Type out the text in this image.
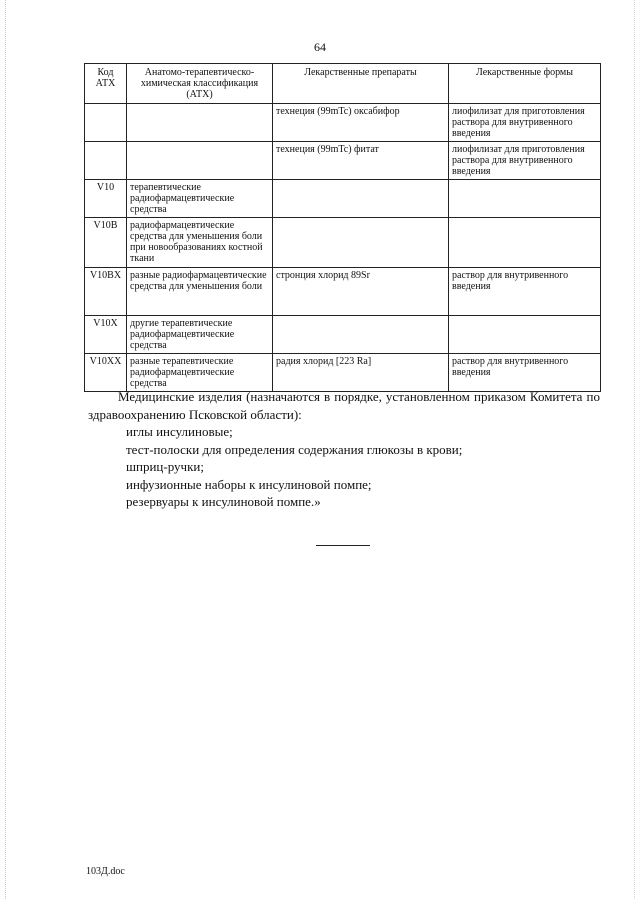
64
Код АТХ	Анатомо-терапевтическо-химическая классификация (АТХ)	Лекарственные препараты	Лекарственные формы
		технеция (99mTc) оксабифор	лиофилизат для приготовления раствора для внутривенного введения
		технеция (99mTc) фитат	лиофилизат для приготовления раствора для внутривенного введения
V10	терапевтические радиофармацевтические средства		
V10B	радиофармацевтические средства для уменьшения боли при новообразованиях костной ткани		
V10BX	разные радиофармацевтические средства для уменьшения боли	стронция хлорид 89Sr	раствор для внутривенного введения
V10X	другие терапевтические радиофармацевтические средства		
V10XX	разные терапевтические радиофармацевтические средства	радия хлорид [223 Ra]	раствор для внутривенного введения

Медицинские изделия (назначаются в порядке, установленном приказом Комитета по здравоохранению Псковской области):

иглы инсулиновые;
тест-полоски для определения содержания глюкозы в крови;
шприц-ручки;
инфузионные наборы к инсулиновой помпе;
резервуары к инсулиновой помпе.»
103Д.doc
